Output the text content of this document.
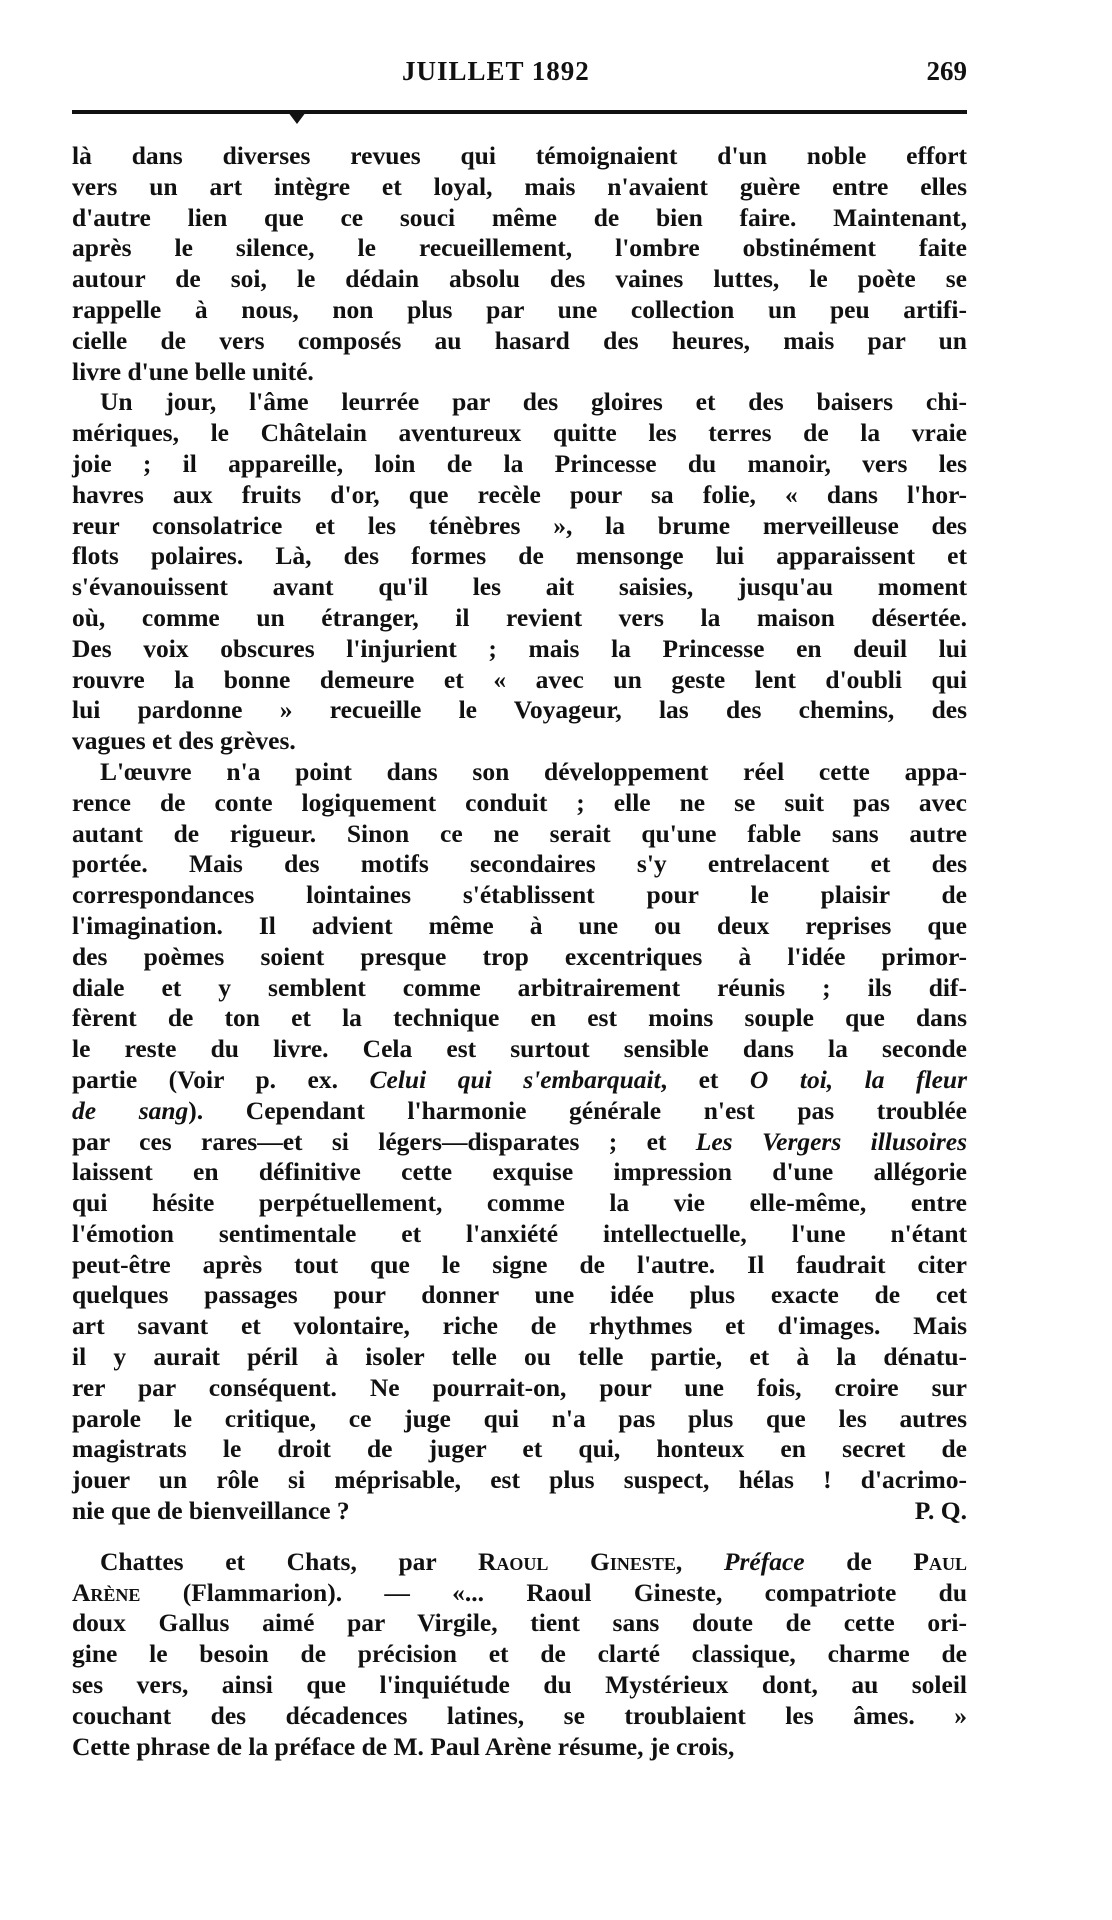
JUILLET 1892	269
là dans diverses revues qui témoignaient d'un noble effort
vers un art intègre et loyal, mais n'avaient guère entre elles
d'autre lien que ce souci même de bien faire. Maintenant,
après le silence, le recueillement, l'ombre obstinément faite
autour de soi, le dédain absolu des vaines luttes, le poète se
rappelle à nous, non plus par une collection un peu artifi-
cielle de vers composés au hasard des heures, mais par un
livre d'une belle unité.
Un jour, l'âme leurrée par des gloires et des baisers chi-
mériques, le Châtelain aventureux quitte les terres de la vraie
joie ; il appareille, loin de la Princesse du manoir, vers les
havres aux fruits d'or, que recèle pour sa folie, « dans l'hor-
reur consolatrice et les ténèbres », la brume merveilleuse des
flots polaires. Là, des formes de mensonge lui apparaissent et
s'évanouissent avant qu'il les ait saisies, jusqu'au moment
où, comme un étranger, il revient vers la maison désertée.
Des voix obscures l'injurient ; mais la Princesse en deuil lui
rouvre la bonne demeure et « avec un geste lent d'oubli qui
lui pardonne » recueille le Voyageur, las des chemins, des
vagues et des grèves.
L'œuvre n'a point dans son développement réel cette appa-
rence de conte logiquement conduit ; elle ne se suit pas avec
autant de rigueur. Sinon ce ne serait qu'une fable sans autre
portée. Mais des motifs secondaires s'y entrelacent et des
correspondances lointaines s'établissent pour le plaisir de
l'imagination. Il advient même à une ou deux reprises que
des poèmes soient presque trop excentriques à l'idée primor-
diale et y semblent comme arbitrairement réunis ; ils dif-
fèrent de ton et la technique en est moins souple que dans
le reste du livre. Cela est surtout sensible dans la seconde
partie (Voir p. ex. Celui qui s'embarquait, et O toi, la fleur
de sang). Cependant l'harmonie générale n'est pas troublée
par ces rares—et si légers—disparates ; et Les Vergers illusoires
laissent en définitive cette exquise impression d'une allégorie
qui hésite perpétuellement, comme la vie elle-même, entre
l'émotion sentimentale et l'anxiété intellectuelle, l'une n'étant
peut-être après tout que le signe de l'autre. Il faudrait citer
quelques passages pour donner une idée plus exacte de cet
art savant et volontaire, riche de rhythmes et d'images. Mais
il y aurait péril à isoler telle ou telle partie, et à la dénatu-
rer par conséquent. Ne pourrait-on, pour une fois, croire sur
parole le critique, ce juge qui n'a pas plus que les autres
magistrats le droit de juger et qui, honteux en secret de
jouer un rôle si méprisable, est plus suspect, hélas ! d'acrimo-
nie que de bienveillance ?	P. Q.
Chattes et Chats, par Raoul Gineste, Préface de Paul
Arène (Flammarion). — «... Raoul Gineste, compatriote du
doux Gallus aimé par Virgile, tient sans doute de cette ori-
gine le besoin de précision et de clarté classique, charme de
ses vers, ainsi que l'inquiétude du Mystérieux dont, au soleil
couchant des décadences latines, se troublaient les âmes. »
Cette phrase de la préface de M. Paul Arène résume, je crois,
